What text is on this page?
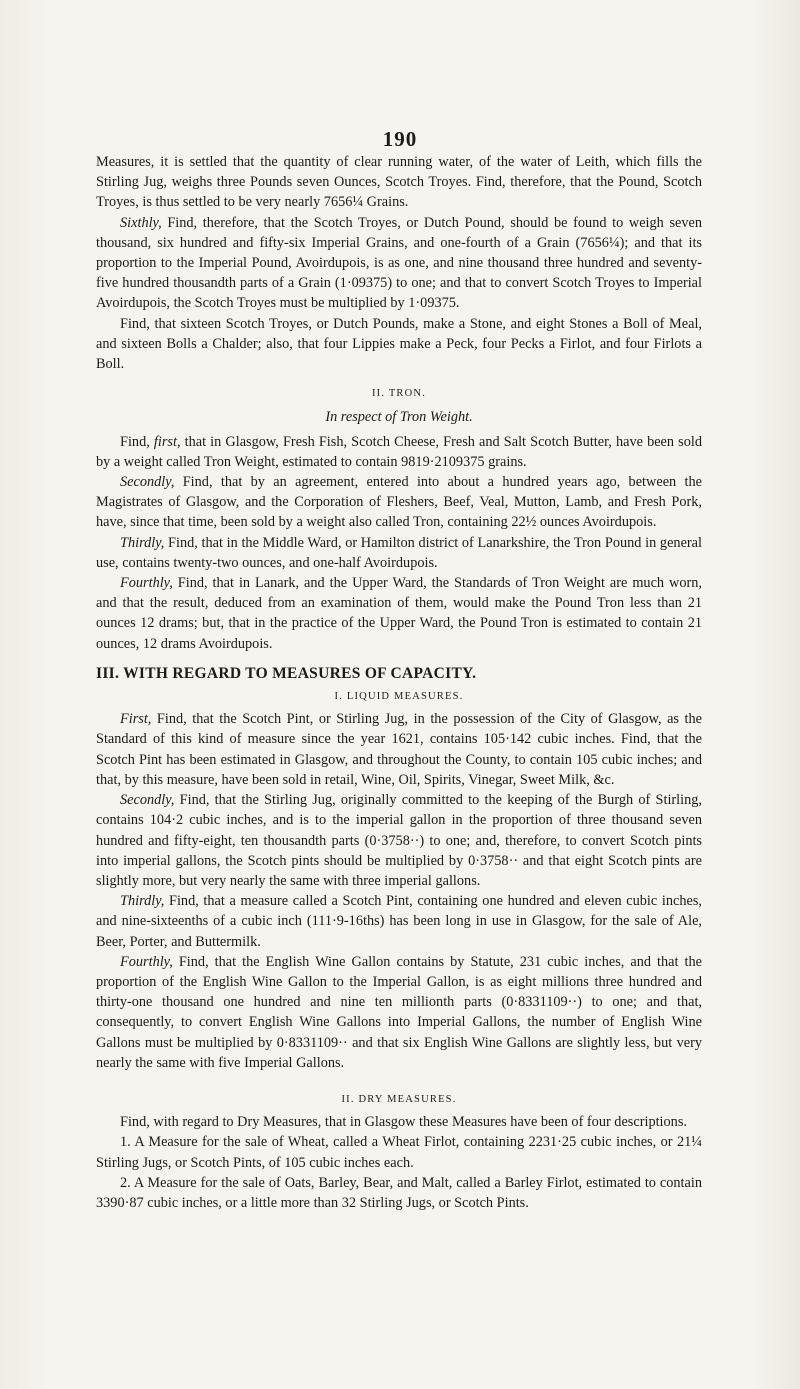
190

Measures, it is settled that the quantity of clear running water, of the water of Leith, which fills the Stirling Jug, weighs three Pounds seven Ounces, Scotch Troyes. Find, therefore, that the Pound, Scotch Troyes, is thus settled to be very nearly 7656¼ Grains.

Sixthly, Find, therefore, that the Scotch Troyes, or Dutch Pound, should be found to weigh seven thousand, six hundred and fifty-six Imperial Grains, and one-fourth of a Grain (7656¼); and that its proportion to the Imperial Pound, Avoirdupois, is as one, and nine thousand three hundred and seventy-five hundred thousandth parts of a Grain (1·09375) to one; and that to convert Scotch Troyes to Imperial Avoirdupois, the Scotch Troyes must be multiplied by 1·09375.

Find, that sixteen Scotch Troyes, or Dutch Pounds, make a Stone, and eight Stones a Boll of Meal, and sixteen Bolls a Chalder; also, that four Lippies make a Peck, four Pecks a Firlot, and four Firlots a Boll.

II. TRON.
In respect of Tron Weight.

Find, first, that in Glasgow, Fresh Fish, Scotch Cheese, Fresh and Salt Scotch Butter, have been sold by a weight called Tron Weight, estimated to contain 9819·2109375 grains.

Secondly, Find, that by an agreement, entered into about a hundred years ago, between the Magistrates of Glasgow, and the Corporation of Fleshers, Beef, Veal, Mutton, Lamb, and Fresh Pork, have, since that time, been sold by a weight also called Tron, containing 22½ ounces Avoirdupois.

Thirdly, Find, that in the Middle Ward, or Hamilton district of Lanarkshire, the Tron Pound in general use, contains twenty-two ounces, and one-half Avoirdupois.

Fourthly, Find, that in Lanark, and the Upper Ward, the Standards of Tron Weight are much worn, and that the result, deduced from an examination of them, would make the Pound Tron less than 21 ounces 12 drams; but, that in the practice of the Upper Ward, the Pound Tron is estimated to contain 21 ounces, 12 drams Avoirdupois.

III. WITH REGARD TO MEASURES OF CAPACITY.
I. LIQUID MEASURES.

First, Find, that the Scotch Pint, or Stirling Jug, in the possession of the City of Glasgow, as the Standard of this kind of measure since the year 1621, contains 105·142 cubic inches. Find, that the Scotch Pint has been estimated in Glasgow, and throughout the County, to contain 105 cubic inches; and that, by this measure, have been sold in retail, Wine, Oil, Spirits, Vinegar, Sweet Milk, &c.

Secondly, Find, that the Stirling Jug, originally committed to the keeping of the Burgh of Stirling, contains 104·2 cubic inches, and is to the imperial gallon in the proportion of three thousand seven hundred and fifty-eight, ten thousandth parts (0·3758··) to one; and, therefore, to convert Scotch pints into imperial gallons, the Scotch pints should be multiplied by 0·3758·· and that eight Scotch pints are slightly more, but very nearly the same with three imperial gallons.

Thirdly, Find, that a measure called a Scotch Pint, containing one hundred and eleven cubic inches, and nine-sixteenths of a cubic inch (111·9-16ths) has been long in use in Glasgow, for the sale of Ale, Beer, Porter, and Buttermilk.

Fourthly, Find, that the English Wine Gallon contains by Statute, 231 cubic inches, and that the proportion of the English Wine Gallon to the Imperial Gallon, is as eight millions three hundred and thirty-one thousand one hundred and nine ten millionth parts (0·8331109··) to one; and that, consequently, to convert English Wine Gallons into Imperial Gallons, the number of English Wine Gallons must be multiplied by 0·8331109·· and that six English Wine Gallons are slightly less, but very nearly the same with five Imperial Gallons.

II. DRY MEASURES.

Find, with regard to Dry Measures, that in Glasgow these Measures have been of four descriptions.

1. A Measure for the sale of Wheat, called a Wheat Firlot, containing 2231·25 cubic inches, or 21¼ Stirling Jugs, or Scotch Pints, of 105 cubic inches each.

2. A Measure for the sale of Oats, Barley, Bear, and Malt, called a Barley Firlot, estimated to contain 3390·87 cubic inches, or a little more than 32 Stirling Jugs, or Scotch Pints.
